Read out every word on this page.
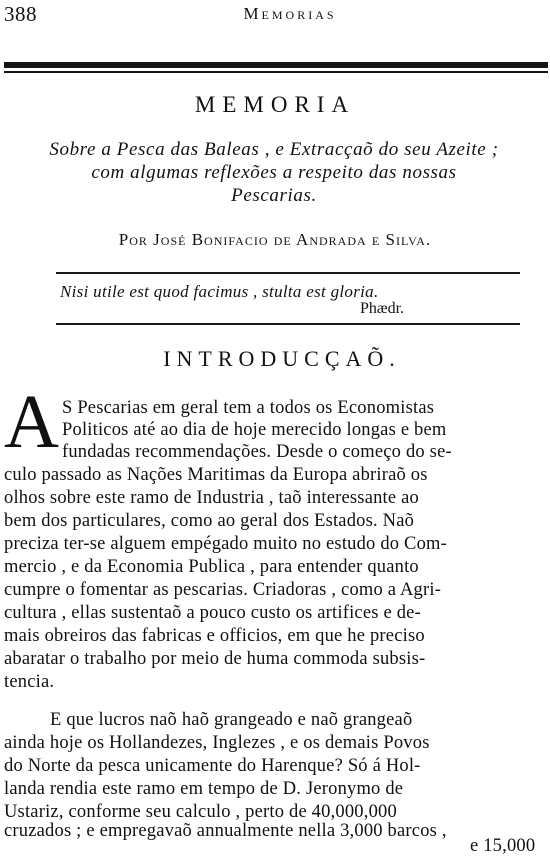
388	Memorias
MEMORIA
Sobre a Pesca das Baleas , e Extracçaõ do seu Azeite ;
com algumas reflexões a respeito das nossas
Pescarias.
Por José Bonifacio de Andrada e Silva.
Nisi utile est quod facimus , stulta est gloria.
Phædr.
INTRODUCÇAÕ.
A S Pescarias em geral tem a todos os Economistas
Politicos até ao dia de hoje merecido longas e bem
fundadas recommendações. Desde o começo do se-
culo passado as Nações Maritimas da Europa abriraõ os
olhos sobre este ramo de Industria , taõ interessante ao
bem dos particulares, como ao geral dos Estados. Naõ
preciza ter-se alguem empégado muito no estudo do Com-
mercio , e da Economia Publica , para entender quanto
cumpre o fomentar as pescarias. Criadoras , como a Agri-
cultura , ellas sustentaõ a pouco custo os artifices e de-
mais obreiros das fabricas e officios, em que he preciso
abaratar o trabalho por meio de huma commoda subsis-
tencia.
E que lucros naõ haõ grangeado e naõ grangeaõ
ainda hoje os Hollandezes, Inglezes , e os demais Povos
do Norte da pesca unicamente do Harenque? Só á Hol-
landa rendia este ramo em tempo de D. Jeronymo de
Ustariz, conforme seu calculo , perto de 40,000,000
cruzados ; e empregavaõ annualmente nella 3,000 barcos ,
e 15,000
